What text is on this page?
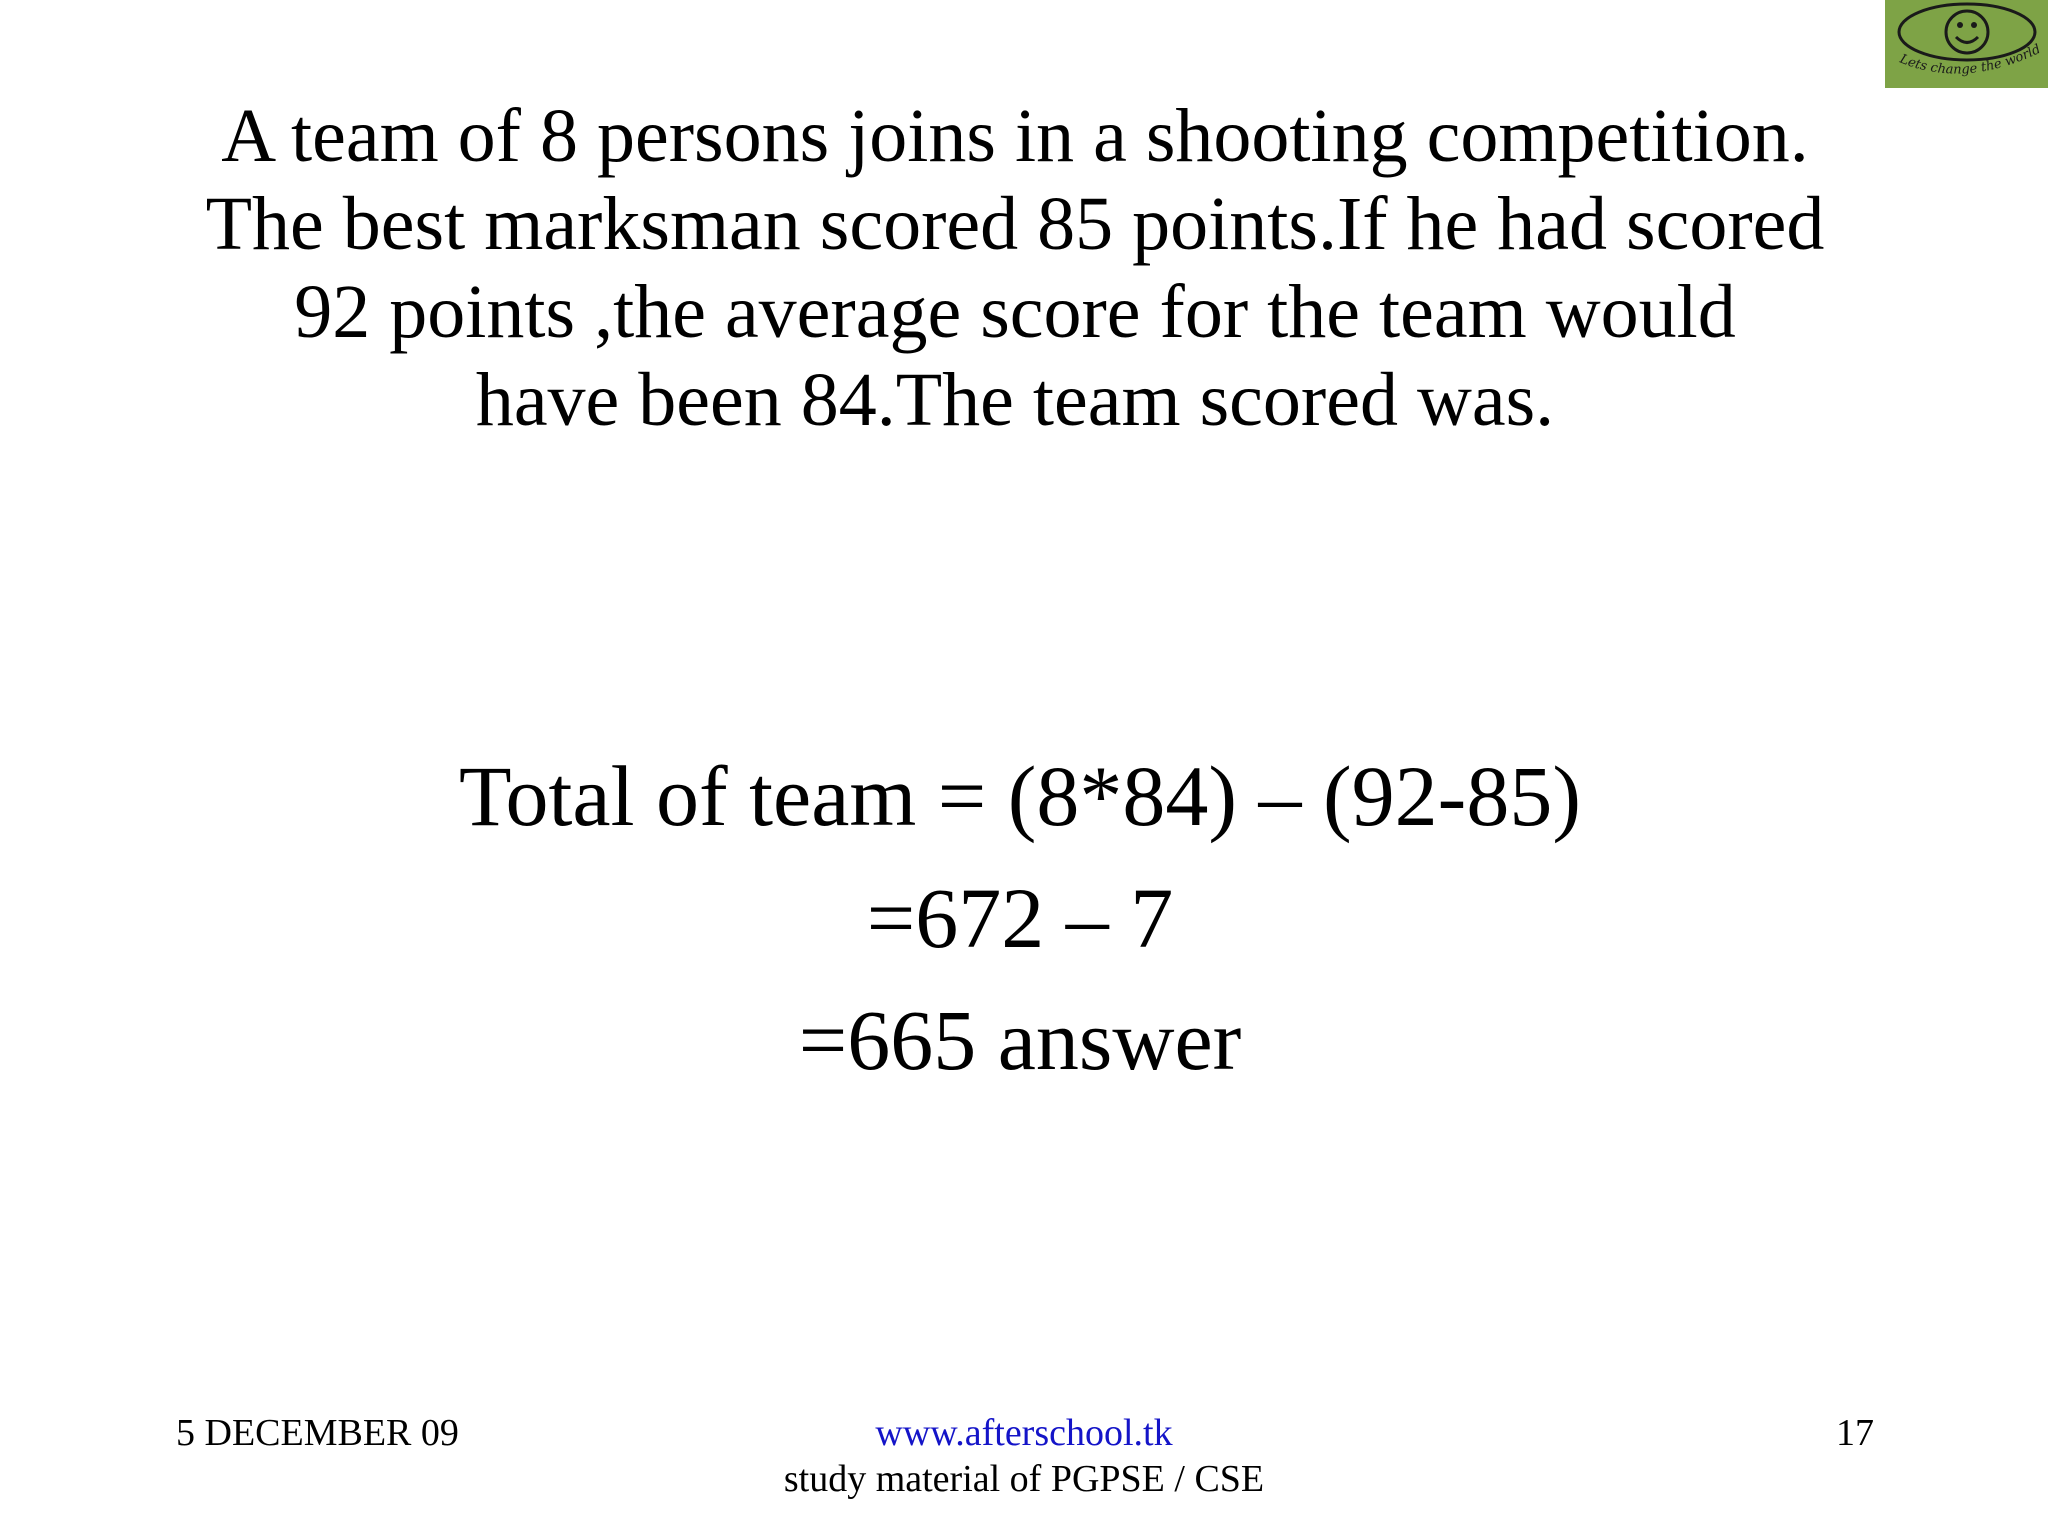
Lets change the world
A team of 8 persons joins in a shooting competition.
The best marksman scored 85 points.If he had scored
92 points ,the average score for the team would
have been 84.The team scored was.
Total of team = (8*84) – (92-85)
=672 – 7
=665 answer
5 DECEMBER 09	www.afterschool.tk
study material of PGPSE / CSE
17
